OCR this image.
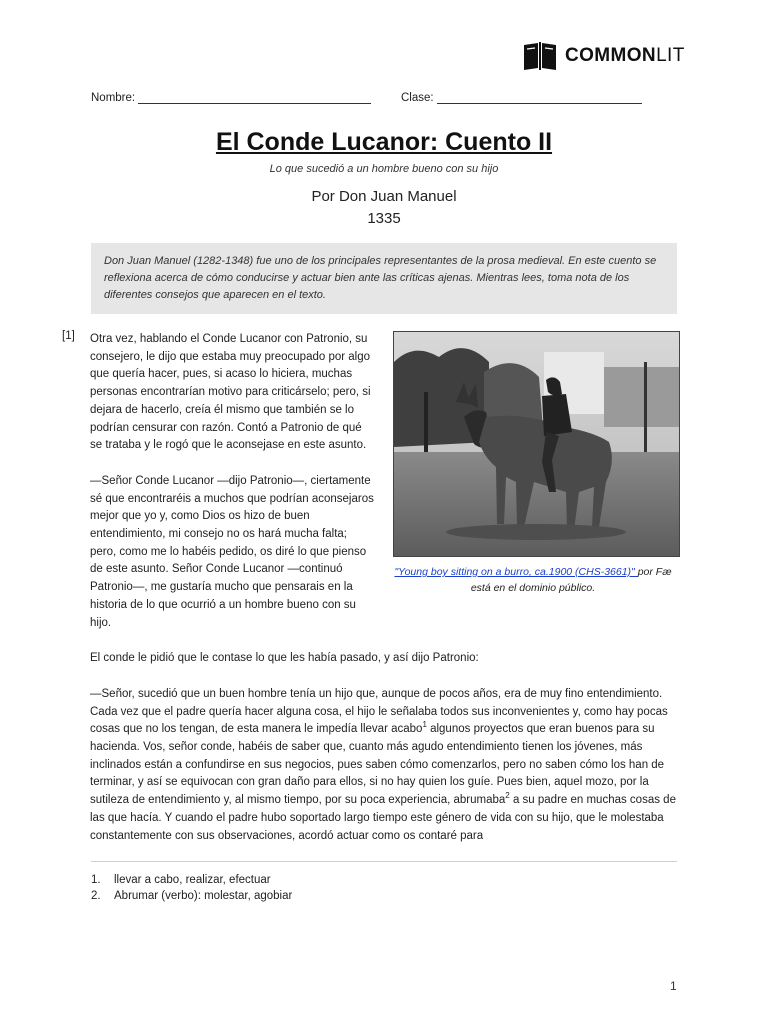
COMMONLIT
Nombre:	Clase:
El Conde Lucanor: Cuento II
Lo que sucedió a un hombre bueno con su hijo
Por Don Juan Manuel
1335
Don Juan Manuel (1282-1348) fue uno de los principales representantes de la prosa medieval. En este cuento se reflexiona acerca de cómo conducirse y actuar bien ante las críticas ajenas. Mientras lees, toma nota de los diferentes consejos que aparecen en el texto.
[1]
"Young boy sitting on a burro, ca.1900 (CHS-3661)" por Fæ está en el dominio público.

Otra vez, hablando el Conde Lucanor con Patronio, su consejero, le dijo que estaba muy preocupado por algo que quería hacer, pues, si acaso lo hiciera, muchas personas encontrarían motivo para criticárselo; pero, si dejara de hacerlo, creía él mismo que también se lo podrían censurar con razón. Contó a Patronio de qué se trataba y le rogó que le aconsejase en este asunto.

—Señor Conde Lucanor —dijo Patronio—, ciertamente sé que encontraréis a muchos que podrían aconsejaros mejor que yo y, como Dios os hizo de buen entendimiento, mi consejo no os hará mucha falta; pero, como me lo habéis pedido, os diré lo que pienso de este asunto. Señor Conde Lucanor —continuó Patronio—, me gustaría mucho que pensarais en la historia de lo que ocurrió a un hombre bueno con su hijo.

El conde le pidió que le contase lo que les había pasado, y así dijo Patronio:

—Señor, sucedió que un buen hombre tenía un hijo que, aunque de pocos años, era de muy fino entendimiento. Cada vez que el padre quería hacer alguna cosa, el hijo le señalaba todos sus inconvenientes y, como hay pocas cosas que no los tengan, de esta manera le impedía llevar acabo$^1$ algunos proyectos que eran buenos para su hacienda. Vos, señor conde, habéis de saber que, cuanto más agudo entendimiento tienen los jóvenes, más inclinados están a confundirse en sus negocios, pues saben cómo comenzarlos, pero no saben cómo los han de terminar, y así se equivocan con gran daño para ellos, si no hay quien los guíe. Pues bien, aquel mozo, por la sutileza de entendimiento y, al mismo tiempo, por su poca experiencia, abrumaba$^2$ a su padre en muchas cosas de las que hacía. Y cuando el padre hubo soportado largo tiempo este género de vida con su hijo, que le molestaba constantemente con sus observaciones, acordó actuar como os contaré para

1.	llevar a cabo, realizar, efectuar
2.	Abrumar (verbo): molestar, agobiar
1
